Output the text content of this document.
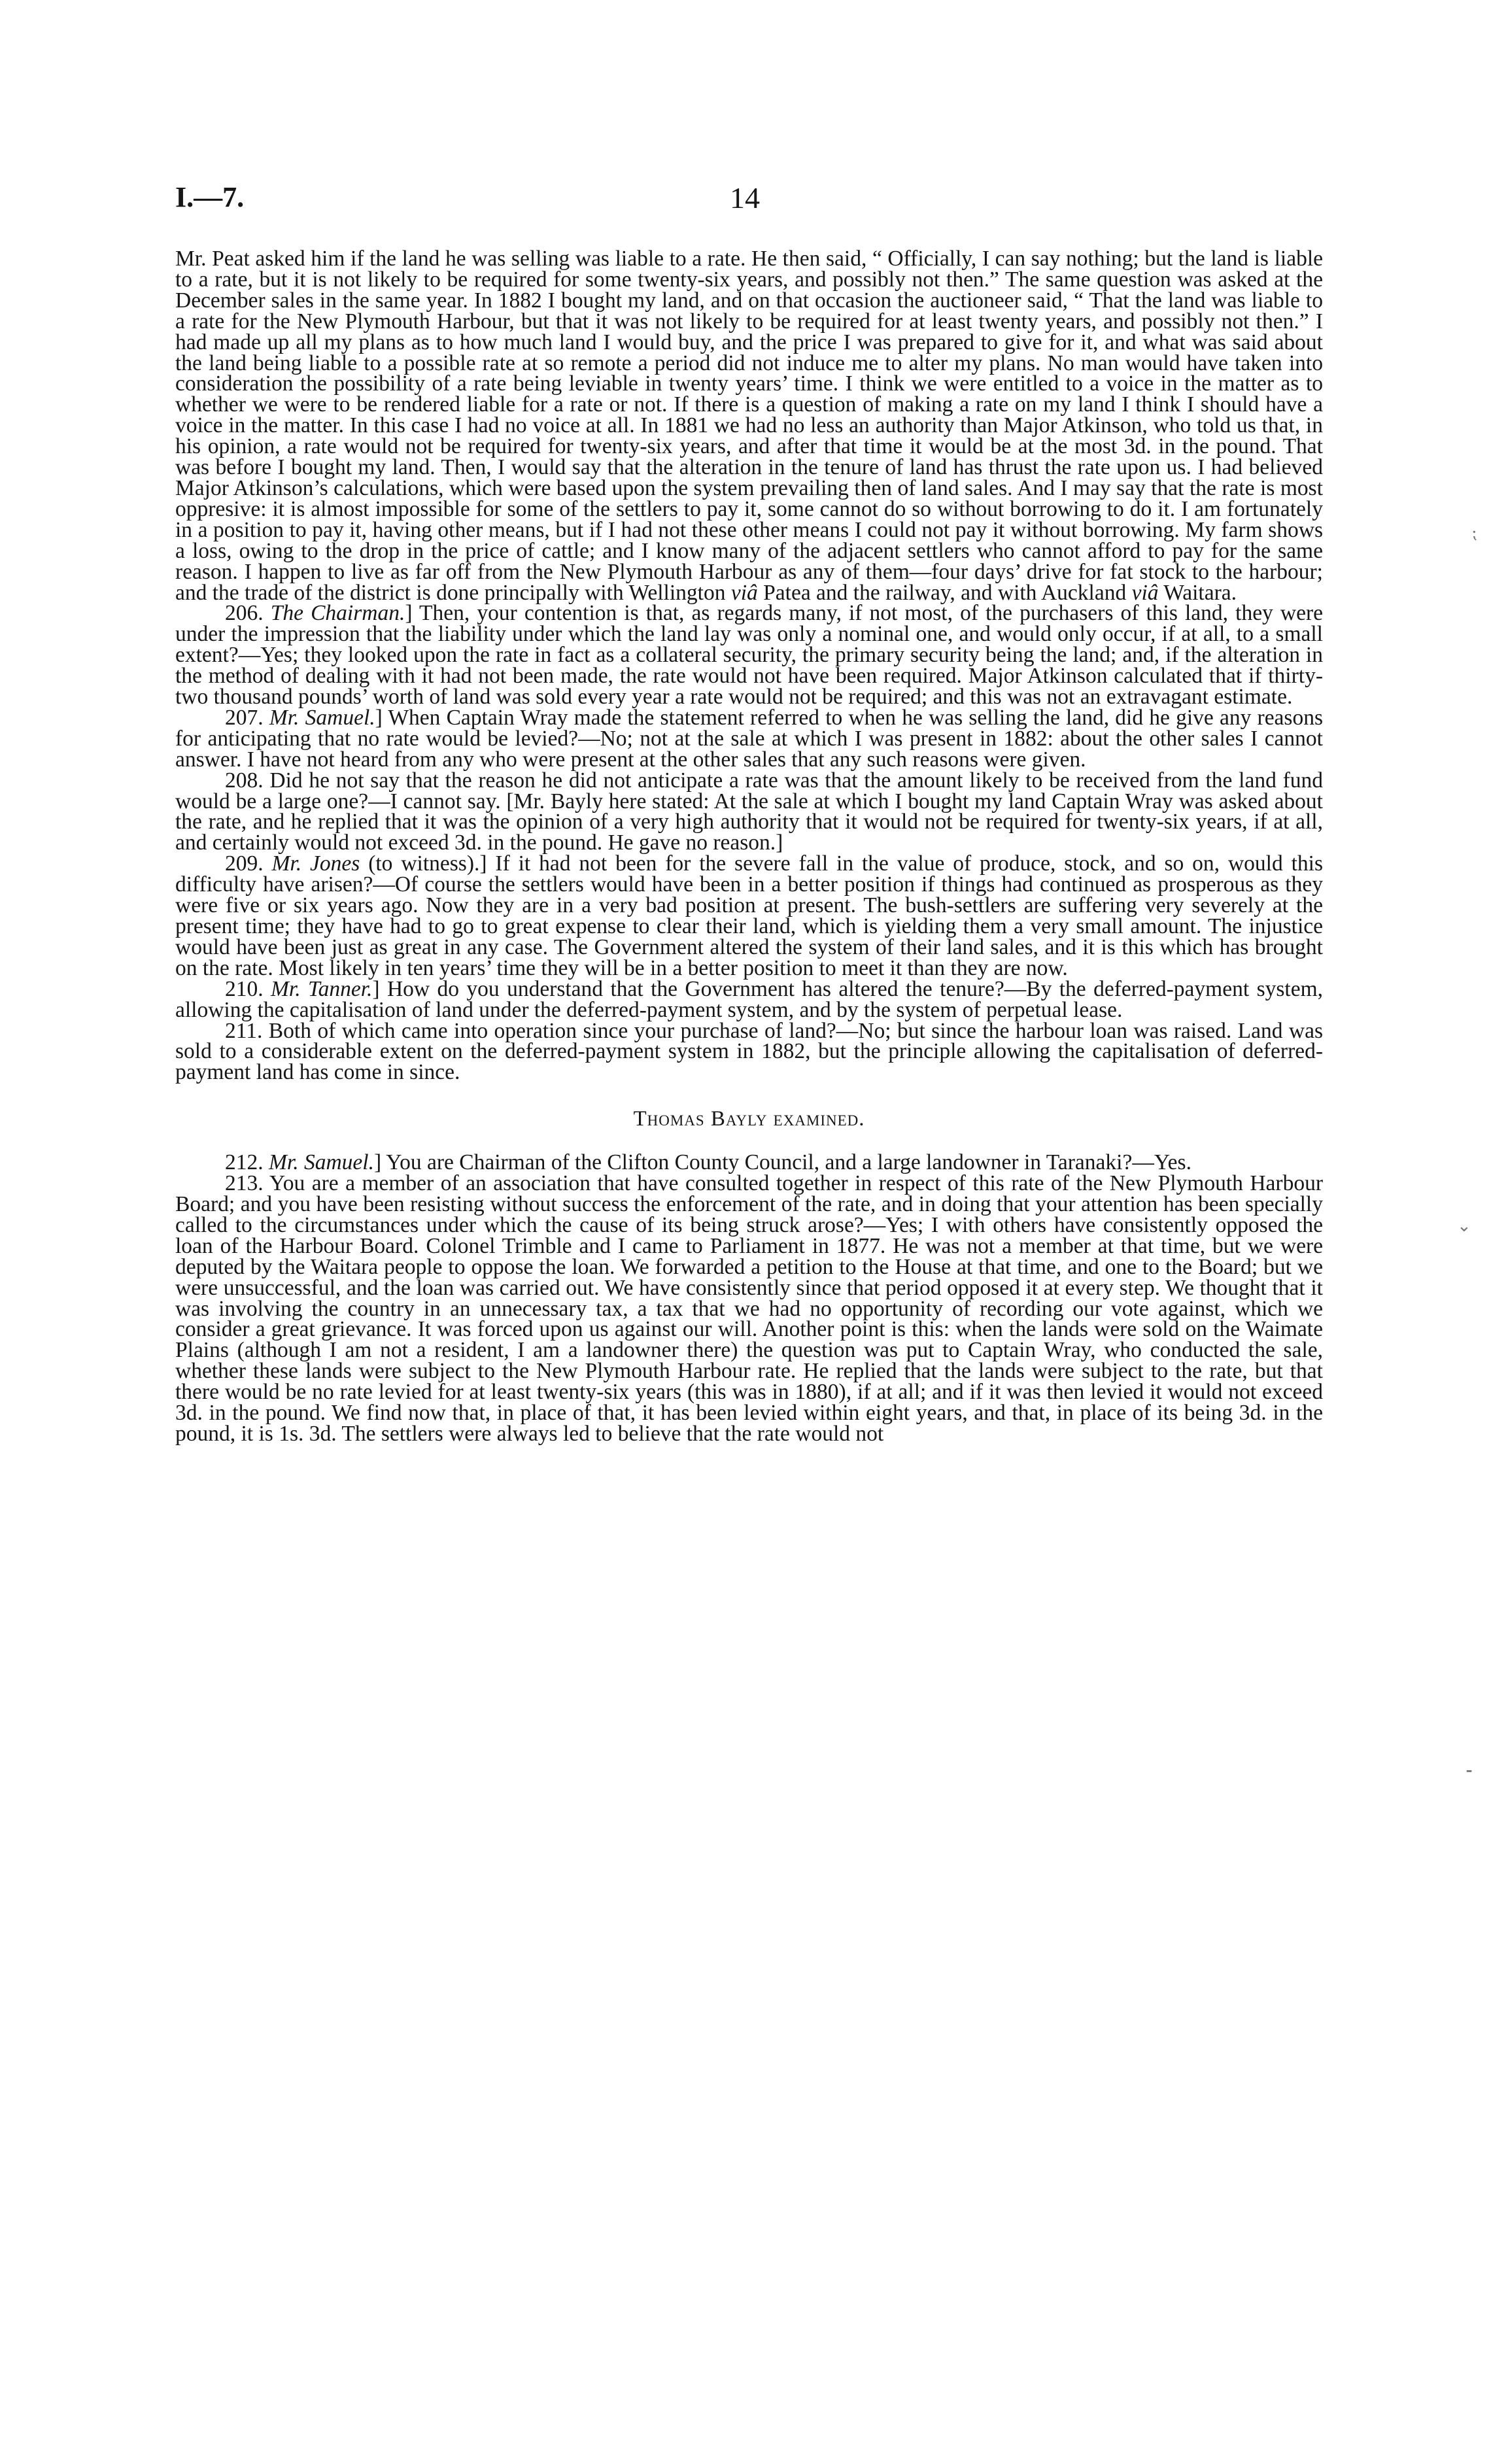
I.—7.	14

Mr. Peat asked him if the land he was selling was liable to a rate. He then said, “ Officially, I can say nothing; but the land is liable to a rate, but it is not likely to be required for some twenty-six years, and possibly not then.” The same question was asked at the December sales in the same year. In 1882 I bought my land, and on that occasion the auctioneer said, “ That the land was liable to a rate for the New Plymouth Harbour, but that it was not likely to be required for at least twenty years, and possibly not then.” I had made up all my plans as to how much land I would buy, and the price I was prepared to give for it, and what was said about the land being liable to a possible rate at so remote a period did not induce me to alter my plans. No man would have taken into consideration the possibility of a rate being leviable in twenty years’ time. I think we were entitled to a voice in the matter as to whether we were to be rendered liable for a rate or not. If there is a question of making a rate on my land I think I should have a voice in the matter. In this case I had no voice at all. In 1881 we had no less an authority than Major Atkinson, who told us that, in his opinion, a rate would not be required for twenty-six years, and after that time it would be at the most 3d. in the pound. That was before I bought my land. Then, I would say that the alteration in the tenure of land has thrust the rate upon us. I had believed Major Atkinson’s calculations, which were based upon the system prevailing then of land sales. And I may say that the rate is most oppresive: it is almost impossible for some of the settlers to pay it, some cannot do so without borrowing to do it. I am fortunately in a position to pay it, having other means, but if I had not these other means I could not pay it without borrowing. My farm shows a loss, owing to the drop in the price of cattle; and I know many of the adjacent settlers who cannot afford to pay for the same reason. I happen to live as far off from the New Plymouth Harbour as any of them—four days’ drive for fat stock to the harbour; and the trade of the district is done principally with Wellington viâ Patea and the railway, and with Auckland viâ Waitara.

206. The Chairman.] Then, your contention is that, as regards many, if not most, of the purchasers of this land, they were under the impression that the liability under which the land lay was only a nominal one, and would only occur, if at all, to a small extent?—Yes; they looked upon the rate in fact as a collateral security, the primary security being the land; and, if the alteration in the method of dealing with it had not been made, the rate would not have been required. Major Atkinson calculated that if thirty-two thousand pounds’ worth of land was sold every year a rate would not be required; and this was not an extravagant estimate.

207. Mr. Samuel.] When Captain Wray made the statement referred to when he was selling the land, did he give any reasons for anticipating that no rate would be levied?—No; not at the sale at which I was present in 1882: about the other sales I cannot answer. I have not heard from any who were present at the other sales that any such reasons were given.

208. Did he not say that the reason he did not anticipate a rate was that the amount likely to be received from the land fund would be a large one?—I cannot say. [Mr. Bayly here stated: At the sale at which I bought my land Captain Wray was asked about the rate, and he replied that it was the opinion of a very high authority that it would not be required for twenty-six years, if at all, and certainly would not exceed 3d. in the pound. He gave no reason.]

209. Mr. Jones (to witness).] If it had not been for the severe fall in the value of produce, stock, and so on, would this difficulty have arisen?—Of course the settlers would have been in a better position if things had continued as prosperous as they were five or six years ago. Now they are in a very bad position at present. The bush-settlers are suffering very severely at the present time; they have had to go to great expense to clear their land, which is yielding them a very small amount. The injustice would have been just as great in any case. The Government altered the system of their land sales, and it is this which has brought on the rate. Most likely in ten years’ time they will be in a better position to meet it than they are now.

210. Mr. Tanner.] How do you understand that the Government has altered the tenure?—By the deferred-payment system, allowing the capitalisation of land under the deferred-payment system, and by the system of perpetual lease.

211. Both of which came into operation since your purchase of land?—No; but since the harbour loan was raised. Land was sold to a considerable extent on the deferred-payment system in 1882, but the principle allowing the capitalisation of deferred-payment land has come in since.

Thomas Bayly examined.

212. Mr. Samuel.] You are Chairman of the Clifton County Council, and a large landowner in Taranaki?—Yes.

213. You are a member of an association that have consulted together in respect of this rate of the New Plymouth Harbour Board; and you have been resisting without success the enforcement of the rate, and in doing that your attention has been specially called to the circumstances under which the cause of its being struck arose?—Yes; I with others have consistently opposed the loan of the Harbour Board. Colonel Trimble and I came to Parliament in 1877. He was not a member at that time, but we were deputed by the Waitara people to oppose the loan. We forwarded a petition to the House at that time, and one to the Board; but we were unsuccessful, and the loan was carried out. We have consistently since that period opposed it at every step. We thought that it was involving the country in an unnecessary tax, a tax that we had no opportunity of recording our vote against, which we consider a great grievance. It was forced upon us against our will. Another point is this: when the lands were sold on the Waimate Plains (although I am not a resident, I am a landowner there) the question was put to Captain Wray, who conducted the sale, whether these lands were subject to the New Plymouth Harbour rate. He replied that the lands were subject to the rate, but that there would be no rate levied for at least twenty-six years (this was in 1880), if at all; and if it was then levied it would not exceed 3d. in the pound. We find now that, in place of that, it has been levied within eight years, and that, in place of its being 3d. in the pound, it is 1s. 3d. The settlers were always led to believe that the rate would not

⁏
⌄
⁃
